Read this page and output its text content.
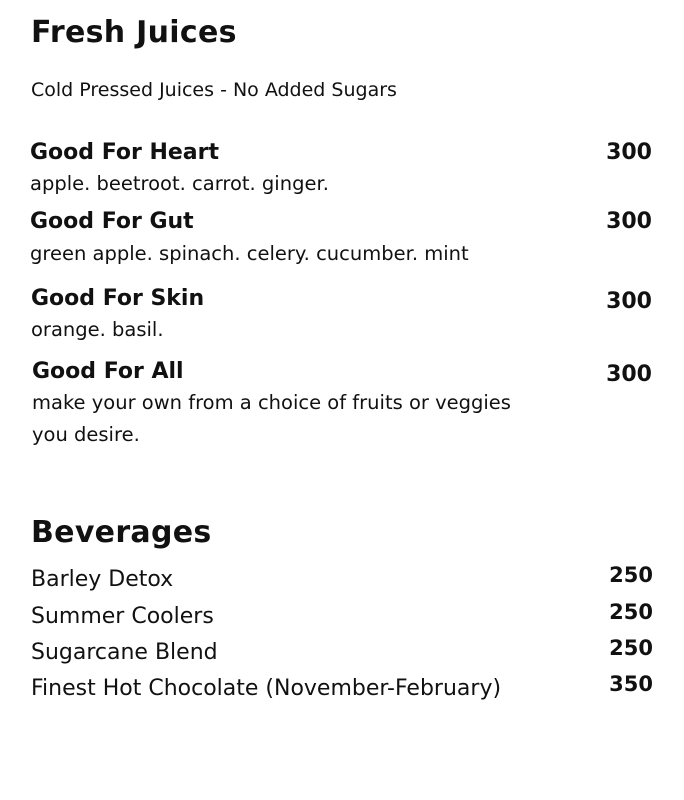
Fresh Juices
Cold Pressed Juices - No Added Sugars
Good For Heart	300
apple. beetroot. carrot. ginger.
Good For Gut	300
green apple. spinach. celery. cucumber. mint
Good For Skin	300
orange. basil.
Good For All	300
make your own from a choice of fruits or veggies
you desire.
Beverages
Barley Detox	250
Summer Coolers	250
Sugarcane Blend	250
Finest Hot Chocolate (November-February)	350
